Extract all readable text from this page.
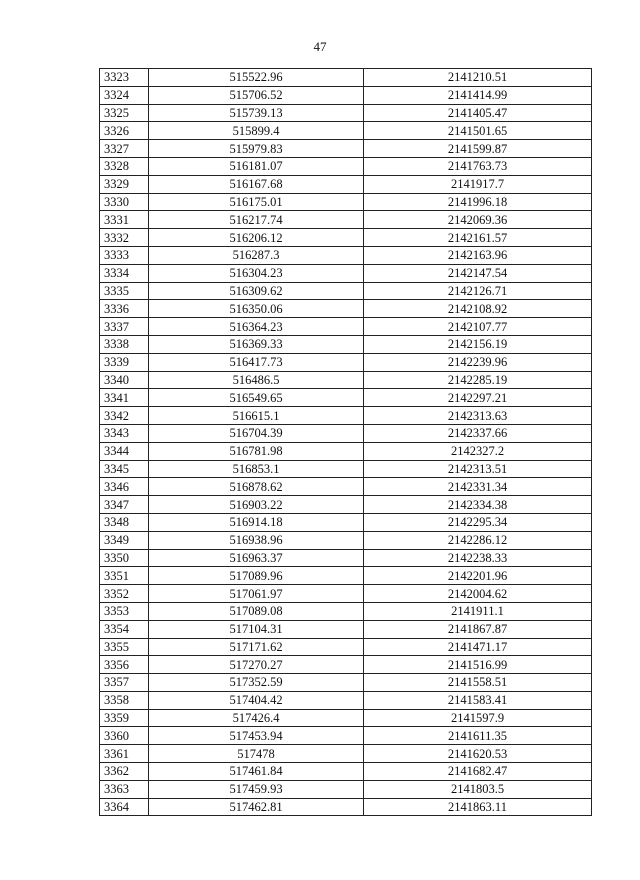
47
3323	515522.96	2141210.51
3324	515706.52	2141414.99
3325	515739.13	2141405.47
3326	515899.4	2141501.65
3327	515979.83	2141599.87
3328	516181.07	2141763.73
3329	516167.68	2141917.7
3330	516175.01	2141996.18
3331	516217.74	2142069.36
3332	516206.12	2142161.57
3333	516287.3	2142163.96
3334	516304.23	2142147.54
3335	516309.62	2142126.71
3336	516350.06	2142108.92
3337	516364.23	2142107.77
3338	516369.33	2142156.19
3339	516417.73	2142239.96
3340	516486.5	2142285.19
3341	516549.65	2142297.21
3342	516615.1	2142313.63
3343	516704.39	2142337.66
3344	516781.98	2142327.2
3345	516853.1	2142313.51
3346	516878.62	2142331.34
3347	516903.22	2142334.38
3348	516914.18	2142295.34
3349	516938.96	2142286.12
3350	516963.37	2142238.33
3351	517089.96	2142201.96
3352	517061.97	2142004.62
3353	517089.08	2141911.1
3354	517104.31	2141867.87
3355	517171.62	2141471.17
3356	517270.27	2141516.99
3357	517352.59	2141558.51
3358	517404.42	2141583.41
3359	517426.4	2141597.9
3360	517453.94	2141611.35
3361	517478	2141620.53
3362	517461.84	2141682.47
3363	517459.93	2141803.5
3364	517462.81	2141863.11
